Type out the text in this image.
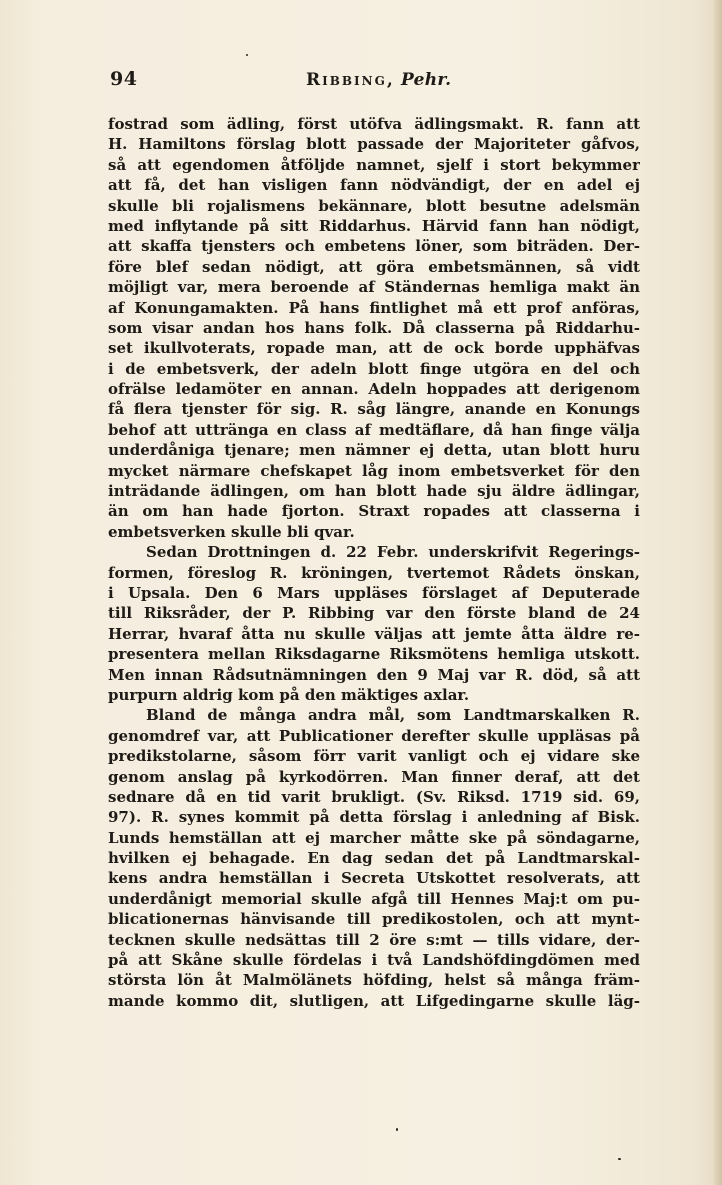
94	Ribbing, Pehr.
fostrad som ädling, först utöfva ädlingsmakt. R. fann att
H. Hamiltons förslag blott passade der Majoriteter gåfvos,
så att egendomen åtföljde namnet, sjelf i stort bekymmer
att få, det han visligen fann nödvändigt, der en adel ej
skulle bli rojalismens bekännare, blott besutne adelsmän
med inflytande på sitt Riddarhus. Härvid fann han nödigt,
att skaffa tjensters och embetens löner, som biträden. Der-
före blef sedan nödigt, att göra embetsmännen, så vidt
möjligt var, mera beroende af Ständernas hemliga makt än
af Konungamakten. På hans fintlighet må ett prof anföras,
som visar andan hos hans folk. Då classerna på Riddarhu-
set ikullvoterats, ropade man, att de ock borde upphäfvas
i de embetsverk, der adeln blott finge utgöra en del och
ofrälse ledamöter en annan. Adeln hoppades att derigenom
få flera tjenster för sig. R. såg längre, anande en Konungs
behof att uttränga en class af medtäflare, då han finge välja
underdåniga tjenare; men nämner ej detta, utan blott huru
mycket närmare chefskapet låg inom embetsverket för den
inträdande ädlingen, om han blott hade sju äldre ädlingar,
än om han hade fjorton. Straxt ropades att classerna i
embetsverken skulle bli qvar.
Sedan Drottningen d. 22 Febr. underskrifvit Regerings-
formen, föreslog R. kröningen, tvertemot Rådets önskan,
i Upsala. Den 6 Mars uppläses förslaget af Deputerade
till Riksråder, der P. Ribbing var den förste bland de 24
Herrar, hvaraf åtta nu skulle väljas att jemte åtta äldre re-
presentera mellan Riksdagarne Riksmötens hemliga utskott.
Men innan Rådsutnämningen den 9 Maj var R. död, så att
purpurn aldrig kom på den mäktiges axlar.
Bland de många andra mål, som Landtmarskalken R.
genomdref var, att Publicationer derefter skulle uppläsas på
predikstolarne, såsom förr varit vanligt och ej vidare ske
genom anslag på kyrkodörren. Man finner deraf, att det
sednare då en tid varit brukligt. (Sv. Riksd. 1719 sid. 69,
97). R. synes kommit på detta förslag i anledning af Bisk.
Lunds hemställan att ej marcher måtte ske på söndagarne,
hvilken ej behagade. En dag sedan det på Landtmarskal-
kens andra hemställan i Secreta Utskottet resolverats, att
underdånigt memorial skulle afgå till Hennes Maj:t om pu-
blicationernas hänvisande till predikostolen, och att mynt-
tecknen skulle nedsättas till 2 öre s:mt — tills vidare, der-
på att Skåne skulle fördelas i två Landshöfdingdömen med
största lön åt Malmölänets höfding, helst så många främ-
mande kommo dit, slutligen, att Lifgedingarne skulle läg-
